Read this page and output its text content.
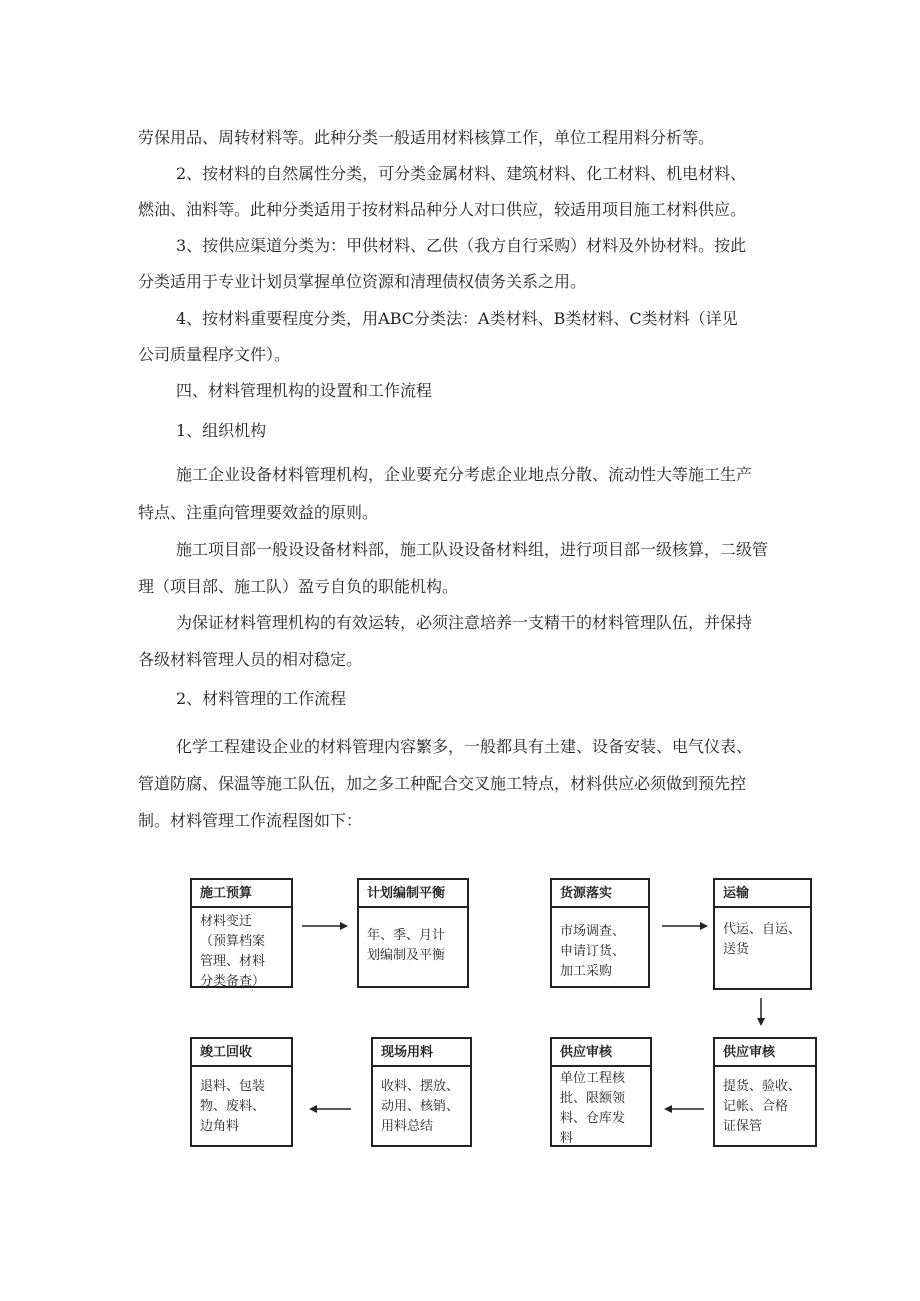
劳保用品、周转材料等。此种分类一般适用材料核算工作，单位工程用料分析等。

2、按材料的自然属性分类，可分类金属材料、建筑材料、化工材料、机电材料、

燃油、油料等。此种分类适用于按材料品种分人对口供应，较适用项目施工材料供应。

3、按供应渠道分类为：甲供材料、乙供（我方自行采购）材料及外协材料。按此

分类适用于专业计划员掌握单位资源和清理债权债务关系之用。

4、按材料重要程度分类，用ABC分类法：A类材料、B类材料、C类材料（详见

公司质量程序文件）。

四、材料管理机构的设置和工作流程

1、组织机构

施工企业设备材料管理机构，企业要充分考虑企业地点分散、流动性大等施工生产

特点、注重向管理要效益的原则。

施工项目部一般设设备材料部，施工队设设备材料组，进行项目部一级核算，二级管

理（项目部、施工队）盈亏自负的职能机构。

为保证材料管理机构的有效运转，必须注意培养一支精干的材料管理队伍，并保持

各级材料管理人员的相对稳定。

2、材料管理的工作流程

化学工程建设企业的材料管理内容繁多，一般都具有土建、设备安装、电气仪表、

管道防腐、保温等施工队伍，加之多工种配合交叉施工特点，材料供应必须做到预先控

制。材料管理工作流程图如下：

施工预算
材料变迁
（预算档案
管理、材料
分类备查）
计划编制平衡
年、季、月计
划编制及平衡
货源落实
市场调查、
申请订货、
加工采购
运输
代运、自运、
送货
竣工回收
退料、包装
物、废料、
边角料
现场用料
收料、摆放、
动用、核销、
用料总结
供应审核
单位工程核
批、限额领
料、仓库发
料
供应审核
提货、验收、
记帐、合格
证保管
